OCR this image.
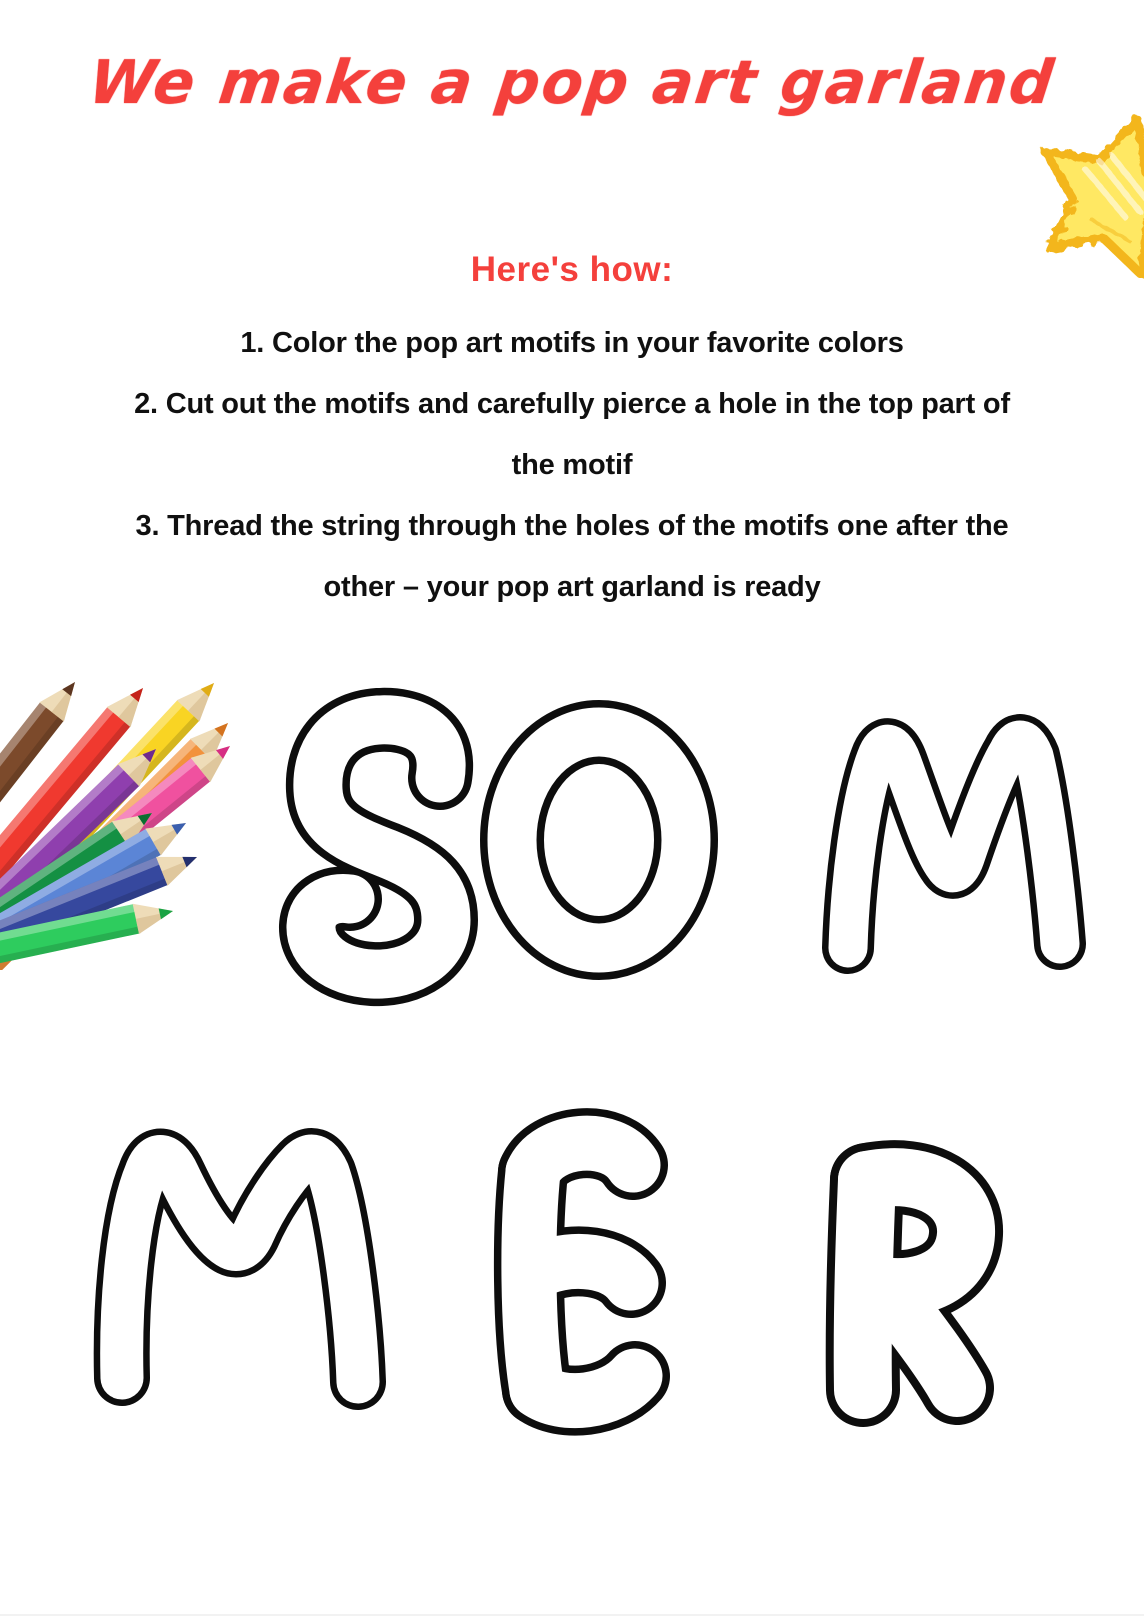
We make a pop art garland
Here's how:
1. Color the pop art motifs in your favorite colors
2. Cut out the motifs and carefully pierce a hole in the top part of
the motif
3. Thread the string through the holes of the motifs one after the
other – your pop art garland is ready
